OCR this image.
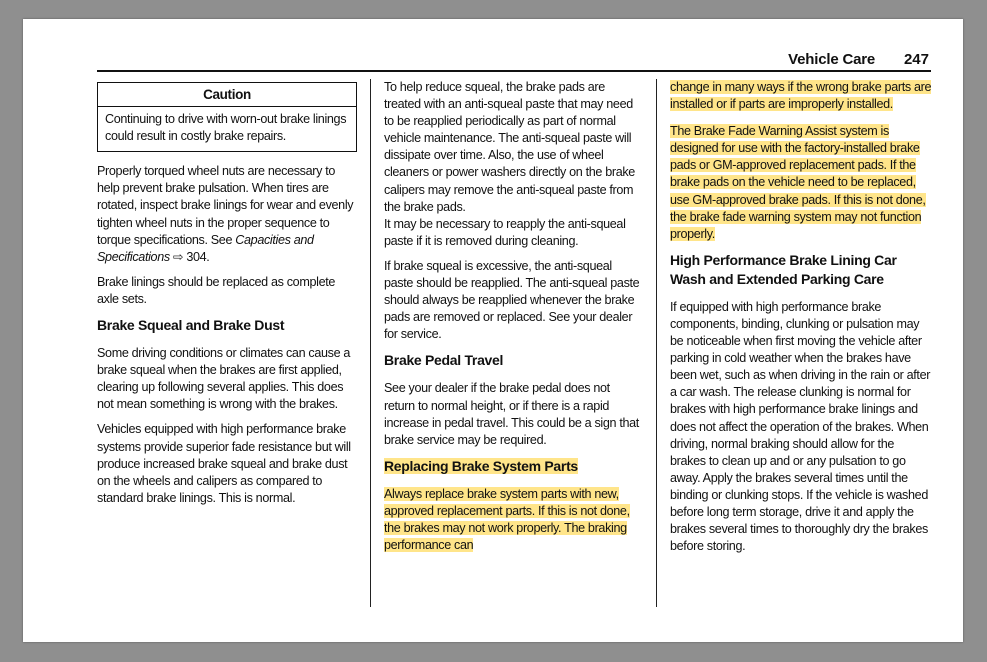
Vehicle Care 247
Caution
Continuing to drive with worn-out brake linings could result in costly brake repairs.

Properly torqued wheel nuts are necessary to help prevent brake pulsation. When tires are rotated, inspect brake linings for wear and evenly tighten wheel nuts in the proper sequence to torque specifications. See Capacities and Specifications ⇨ 304.

Brake linings should be replaced as complete axle sets.

Brake Squeal and Brake Dust

Some driving conditions or climates can cause a brake squeal when the brakes are first applied, clearing up following several applies. This does not mean something is wrong with the brakes.

Vehicles equipped with high performance brake systems provide superior fade resistance but will produce increased brake squeal and brake dust on the wheels and calipers as compared to standard brake linings. This is normal.

To help reduce squeal, the brake pads are treated with an anti-squeal paste that may need to be reapplied periodically as part of normal vehicle maintenance. The anti-squeal paste will dissipate over time. Also, the use of wheel cleaners or power washers directly on the brake calipers may remove the anti-squeal paste from the brake pads.

It may be necessary to reapply the anti-squeal paste if it is removed during cleaning.

If brake squeal is excessive, the anti-squeal paste should be reapplied. The anti-squeal paste should always be reapplied whenever the brake pads are removed or replaced. See your dealer for service.

Brake Pedal Travel

See your dealer if the brake pedal does not return to normal height, or if there is a rapid increase in pedal travel. This could be a sign that brake service may be required.

Replacing Brake System Parts

Always replace brake system parts with new, approved replacement parts. If this is not done, the brakes may not work properly. The braking performance can

change in many ways if the wrong brake parts are installed or if parts are improperly installed.

The Brake Fade Warning Assist system is designed for use with the factory-installed brake pads or GM-approved replacement pads. If the brake pads on the vehicle need to be replaced, use GM-approved brake pads. If this is not done, the brake fade warning system may not function properly.

High Performance Brake Lining Car Wash and Extended Parking Care

If equipped with high performance brake components, binding, clunking or pulsation may be noticeable when first moving the vehicle after parking in cold weather when the brakes have been wet, such as when driving in the rain or after a car wash. The release clunking is normal for brakes with high performance brake linings and does not affect the operation of the brakes. When driving, normal braking should allow for the brakes to clean up and or any pulsation to go away. Apply the brakes several times until the binding or clunking stops. If the vehicle is washed before long term storage, drive it and apply the brakes several times to thoroughly dry the brakes before storing.
